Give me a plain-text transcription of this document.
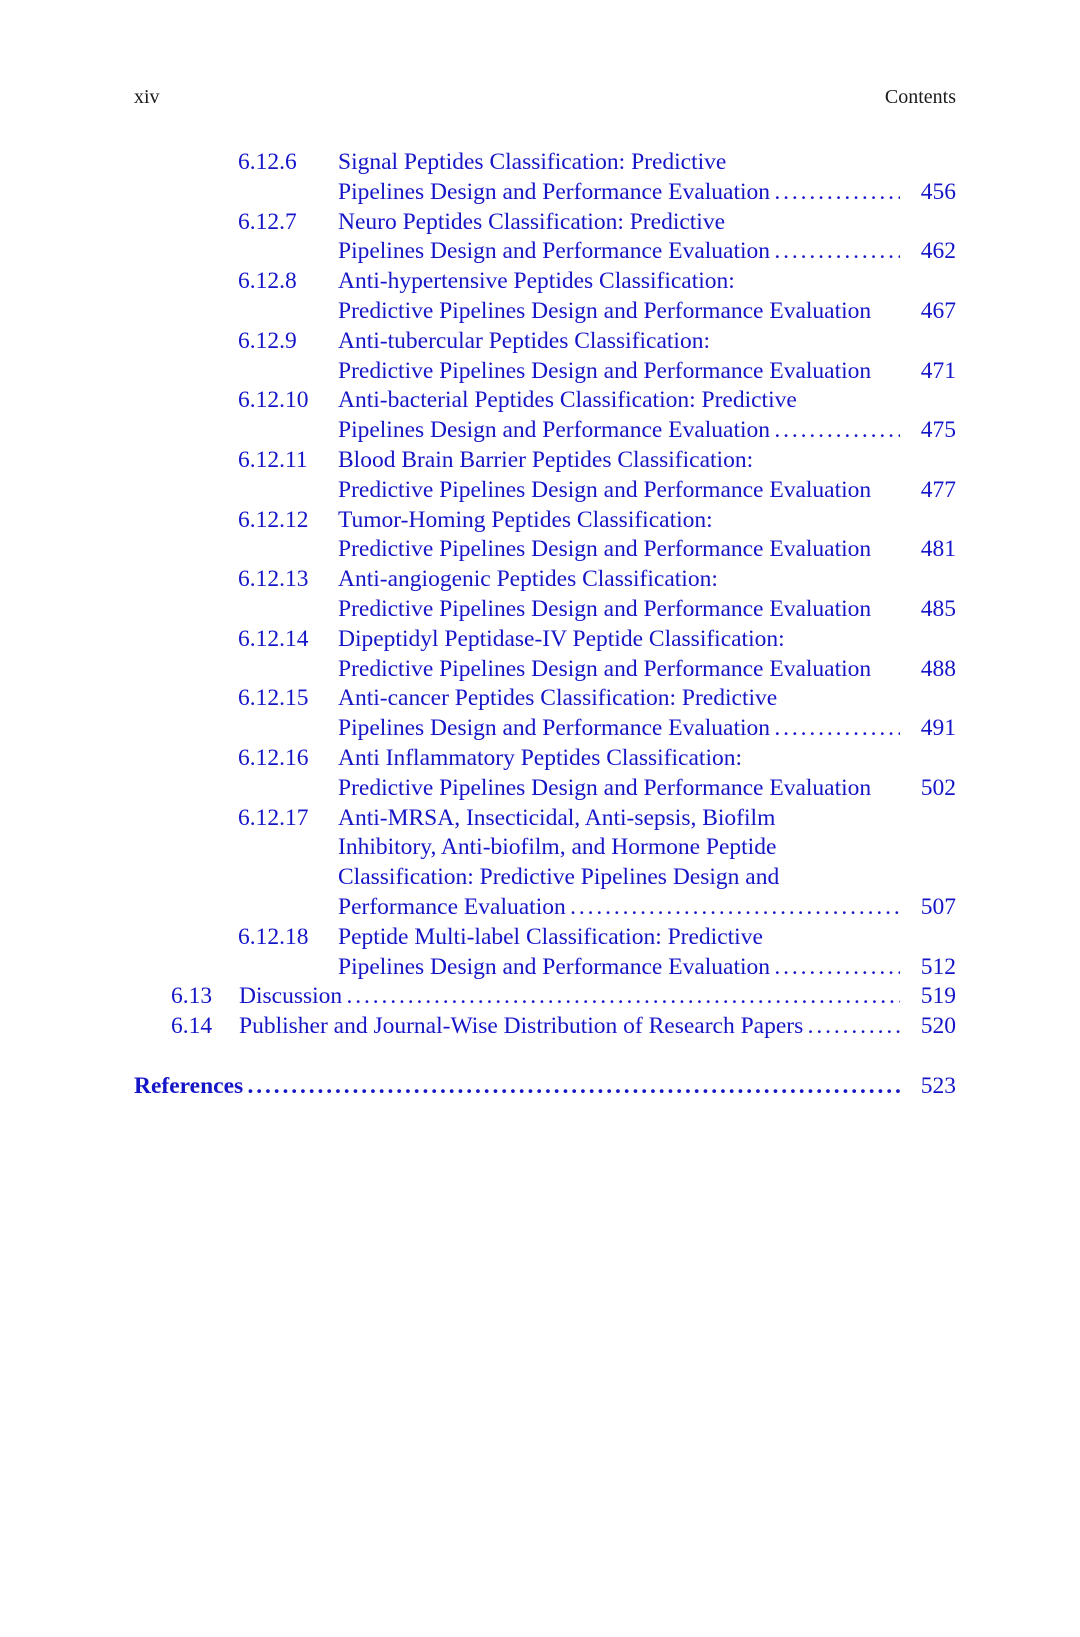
xiv	Contents
6.12.6 Signal Peptides Classification: Predictive
Pipelines Design and Performance Evaluation . . .	456
6.12.7 Neuro Peptides Classification: Predictive
Pipelines Design and Performance Evaluation . . .	462
6.12.8 Anti-hypertensive Peptides Classification:
Predictive Pipelines Design and Performance Evaluation	467
6.12.9 Anti-tubercular Peptides Classification:
Predictive Pipelines Design and Performance Evaluation	471
6.12.10 Anti-bacterial Peptides Classification: Predictive
Pipelines Design and Performance Evaluation . . .	475
6.12.11 Blood Brain Barrier Peptides Classification:
Predictive Pipelines Design and Performance Evaluation	477
6.12.12 Tumor-Homing Peptides Classification:
Predictive Pipelines Design and Performance Evaluation	481
6.12.13 Anti-angiogenic Peptides Classification:
Predictive Pipelines Design and Performance Evaluation	485
6.12.14 Dipeptidyl Peptidase-IV Peptide Classification:
Predictive Pipelines Design and Performance Evaluation	488
6.12.15 Anti-cancer Peptides Classification: Predictive
Pipelines Design and Performance Evaluation . . .	491
6.12.16 Anti Inflammatory Peptides Classification:
Predictive Pipelines Design and Performance Evaluation	502
6.12.17 Anti-MRSA, Insecticidal, Anti-sepsis, Biofilm
Inhibitory, Anti-biofilm, and Hormone Peptide
Classification: Predictive Pipelines Design and
Performance Evaluation . . .	507
6.12.18 Peptide Multi-label Classification: Predictive
Pipelines Design and Performance Evaluation . . .	512
6.13 Discussion . . .	519
6.14 Publisher and Journal-Wise Distribution of Research Papers . . .	520
References . . .	523
